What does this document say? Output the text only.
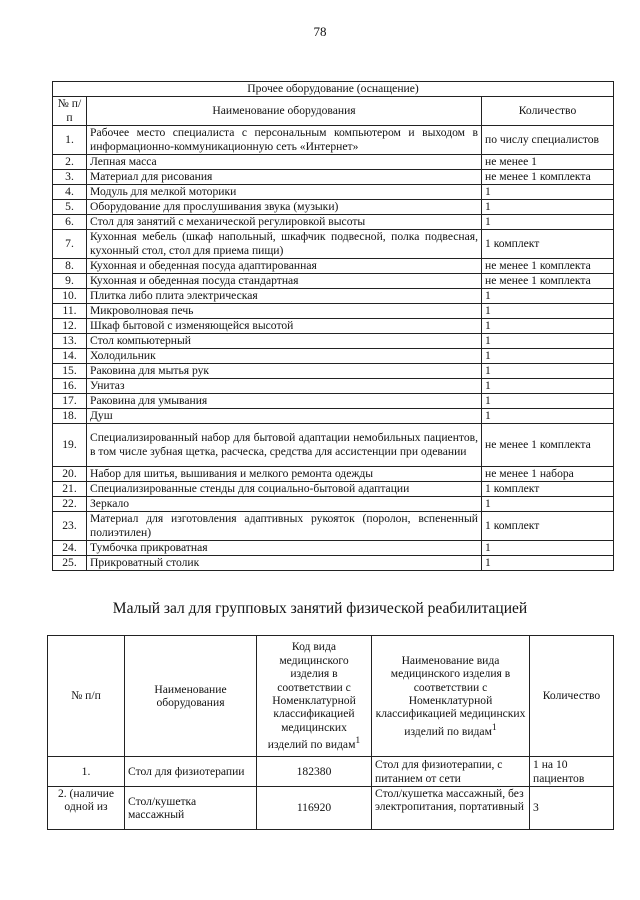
78
Прочее оборудование (оснащение)		
№ п/п	Наименование оборудования	Количество
1.	Рабочее место специалиста с персональным компьютером и выходом в информационно-коммуникационную сеть «Интернет»	по числу специалистов
2.	Лепная масса	не менее 1
3.	Материал для рисования	не менее 1 комплекта
4.	Модуль для мелкой моторики	1
5.	Оборудование для прослушивания звука (музыки)	1
6.	Стол для занятий с механической регулировкой высоты	1
7.	Кухонная мебель (шкаф напольный, шкафчик подвесной, полка подвесная, кухонный стол, стол для приема пищи)	1 комплект
8.	Кухонная и обеденная посуда адаптированная	не менее 1 комплекта
9.	Кухонная и обеденная посуда стандартная	не менее 1 комплекта
10.	Плитка либо плита электрическая	1
11.	Микроволновая печь	1
12.	Шкаф бытовой с изменяющейся высотой	1
13.	Стол компьютерный	1
14.	Холодильник	1
15.	Раковина для мытья рук	1
16.	Унитаз	1
17.	Раковина для умывания	1
18.	Душ	1
19.	Специализированный набор для бытовой адаптации немобильных пациентов, в том числе зубная щетка, расческа, средства для ассистенции при одевании	не менее 1 комплекта
20.	Набор для шитья, вышивания и мелкого ремонта одежды	не менее 1 набора
21.	Специализированные стенды для социально-бытовой адаптации	1 комплект
22.	Зеркало	1
23.	Материал для изготовления адаптивных рукояток (поролон, вспененный полиэтилен)	1 комплект
24.	Тумбочка прикроватная	1
25.	Прикроватный столик	1
Малый зал для групповых занятий физической реабилитацией
№ п/п	Наименование оборудования	Код вида медицинского изделия в соответствии с Номенклатурной классификацией медицинских изделий по видам$^1$	Наименование вида медицинского изделия в соответствии с Номенклатурной классификацией медицинских изделий по видам$^1$	Количество
1.	Стол для физиотерапии	182380	Стол для физиотерапии, с питанием от сети	1 на 10 пациентов
2. (наличие одной из	Стол/кушетка массажный	116920	Стол/кушетка массажный, без электропитания, портативный	3
